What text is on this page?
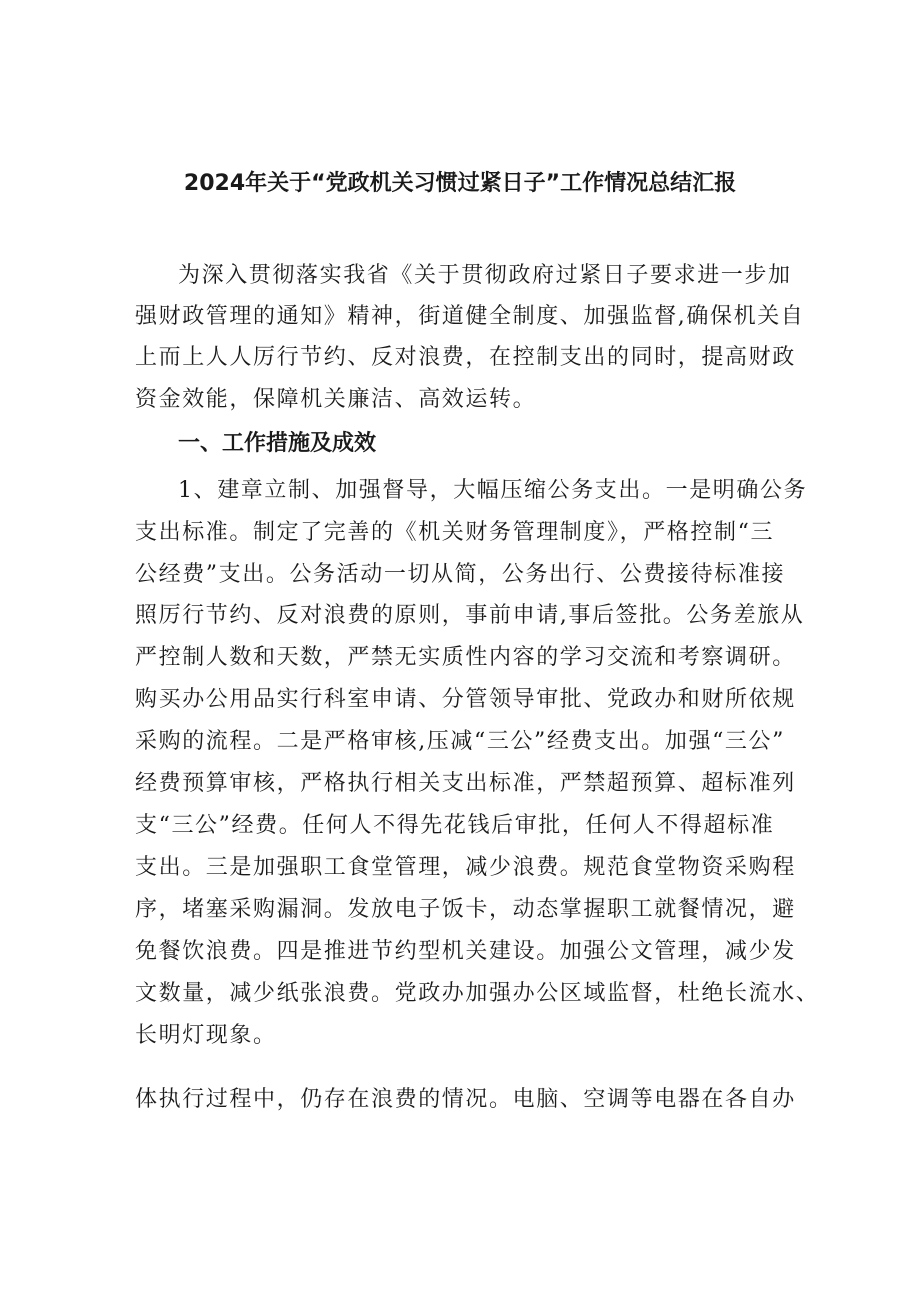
2024年关于“党政机关习惯过紧日子”工作情况总结汇报

为深入贯彻落实我省《关于贯彻政府过紧日子要求进一步加

强财政管理的通知》精神，街道健全制度、加强监督,确保机关自

上而上人人厉行节约、反对浪费，在控制支出的同时，提高财政

资金效能，保障机关廉洁、高效运转。

一、工作措施及成效

1、建章立制、加强督导，大幅压缩公务支出。一是明确公务

支出标准。制定了完善的《机关财务管理制度》，严格控制“三

公经费”支出。公务活动一切从简，公务出行、公费接待标准接

照厉行节约、反对浪费的原则，事前申请,事后签批。公务差旅从

严控制人数和天数，严禁无实质性内容的学习交流和考察调研。

购买办公用品实行科室申请、分管领导审批、党政办和财所依规

采购的流程。二是严格审核,压减“三公”经费支出。加强“三公”

经费预算审核，严格执行相关支出标准，严禁超预算、超标准列

支“三公”经费。任何人不得先花钱后审批，任何人不得超标准

支出。三是加强职工食堂管理，减少浪费。规范食堂物资采购程

序，堵塞采购漏洞。发放电子饭卡，动态掌握职工就餐情况，避

免餐饮浪费。四是推进节约型机关建设。加强公文管理，减少发

文数量，减少纸张浪费。党政办加强办公区域监督，杜绝长流水、

长明灯现象。

体执行过程中，仍存在浪费的情况。电脑、空调等电器在各自办
